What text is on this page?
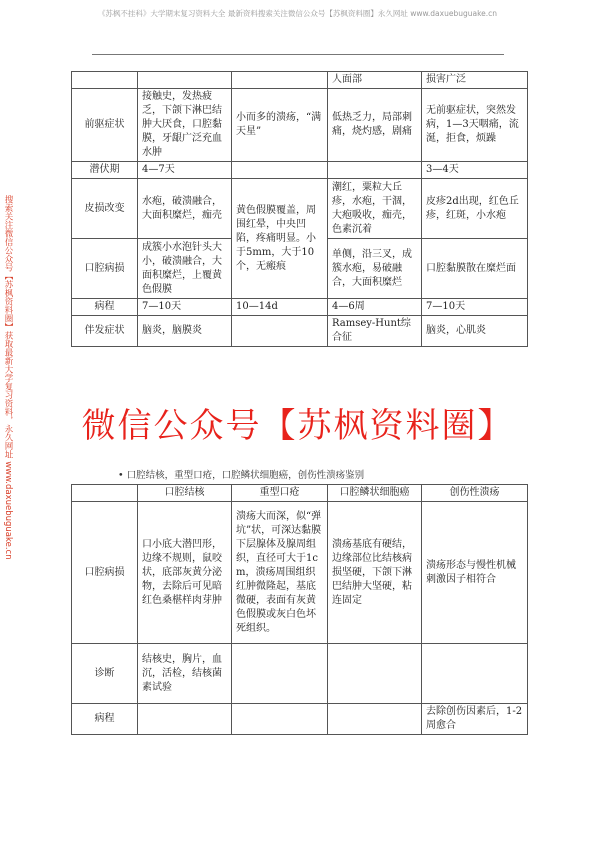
《苏枫不挂科》大学期末复习资料大全 最新资料搜索关注微信公众号【苏枫资料圈】永久网址 www.daxuebuguake.cn
搜索关注微信公众号【苏枫资料圈】获取最新大学复习资料，永久网址 www.daxuebuguake.cn
			人面部	损害广泛
前驱症状	接触史，发热疲乏，下颌下淋巴结肿大厌食，口腔黏膜，牙龈广泛充血水肿	小而多的溃疡，“满天星”	低热乏力，局部刺痛，烧灼感，剧痛	无前驱症状，突然发病，1—3天咽痛，流涎，拒食，烦躁
潜伏期	4—7天			3—4天
皮损改变	水疱，破溃融合，大面积糜烂，痂壳	黄色假膜覆盖，周围红晕，中央凹陷，疼痛明显。小于5mm，大于10个，无瘢痕	潮红，粟粒大丘疹，水疱，干涸，大疱吸收，痂壳，色素沉着	皮疹2d出现，红色丘疹，红斑，小水疱
口腔病损	成簇小水泡针头大小，破溃融合，大面积糜烂，上覆黄色假膜		单侧，沿三叉，成簇水疱，易破融合，大面积糜烂	口腔黏膜散在糜烂面
病程	7—10天	10—14d	4—6周	7—10天
伴发症状	脑炎，脑膜炎		Ramsey-Hunt综合征	脑炎，心肌炎
微信公众号【苏枫资料圈】
• 口腔结核，重型口疮，口腔鳞状细胞癌，创伤性溃疡鉴别
	口腔结核	重型口疮	口腔鳞状细胞癌	创伤性溃疡
口腔病损	口小底大潜凹形，边缘不规则，鼠咬状，底部灰黄分泌物，去除后可见暗红色桑椹样肉芽肿	溃疡大而深，似“弹坑”状，可深达黏膜下层腺体及腺周组织，直径可大于1cm，溃疡周围组织红肿微隆起，基底微硬，表面有灰黄色假膜或灰白色坏死组织。	溃疡基底有硬结，边缘部位比结核病损坚硬，下颌下淋巴结肿大坚硬，粘连固定	溃疡形态与慢性机械刺激因子相符合
诊断	结核史，胸片，血沉，活检，结核菌素试验			
病程				去除创伤因素后，1-2周愈合
